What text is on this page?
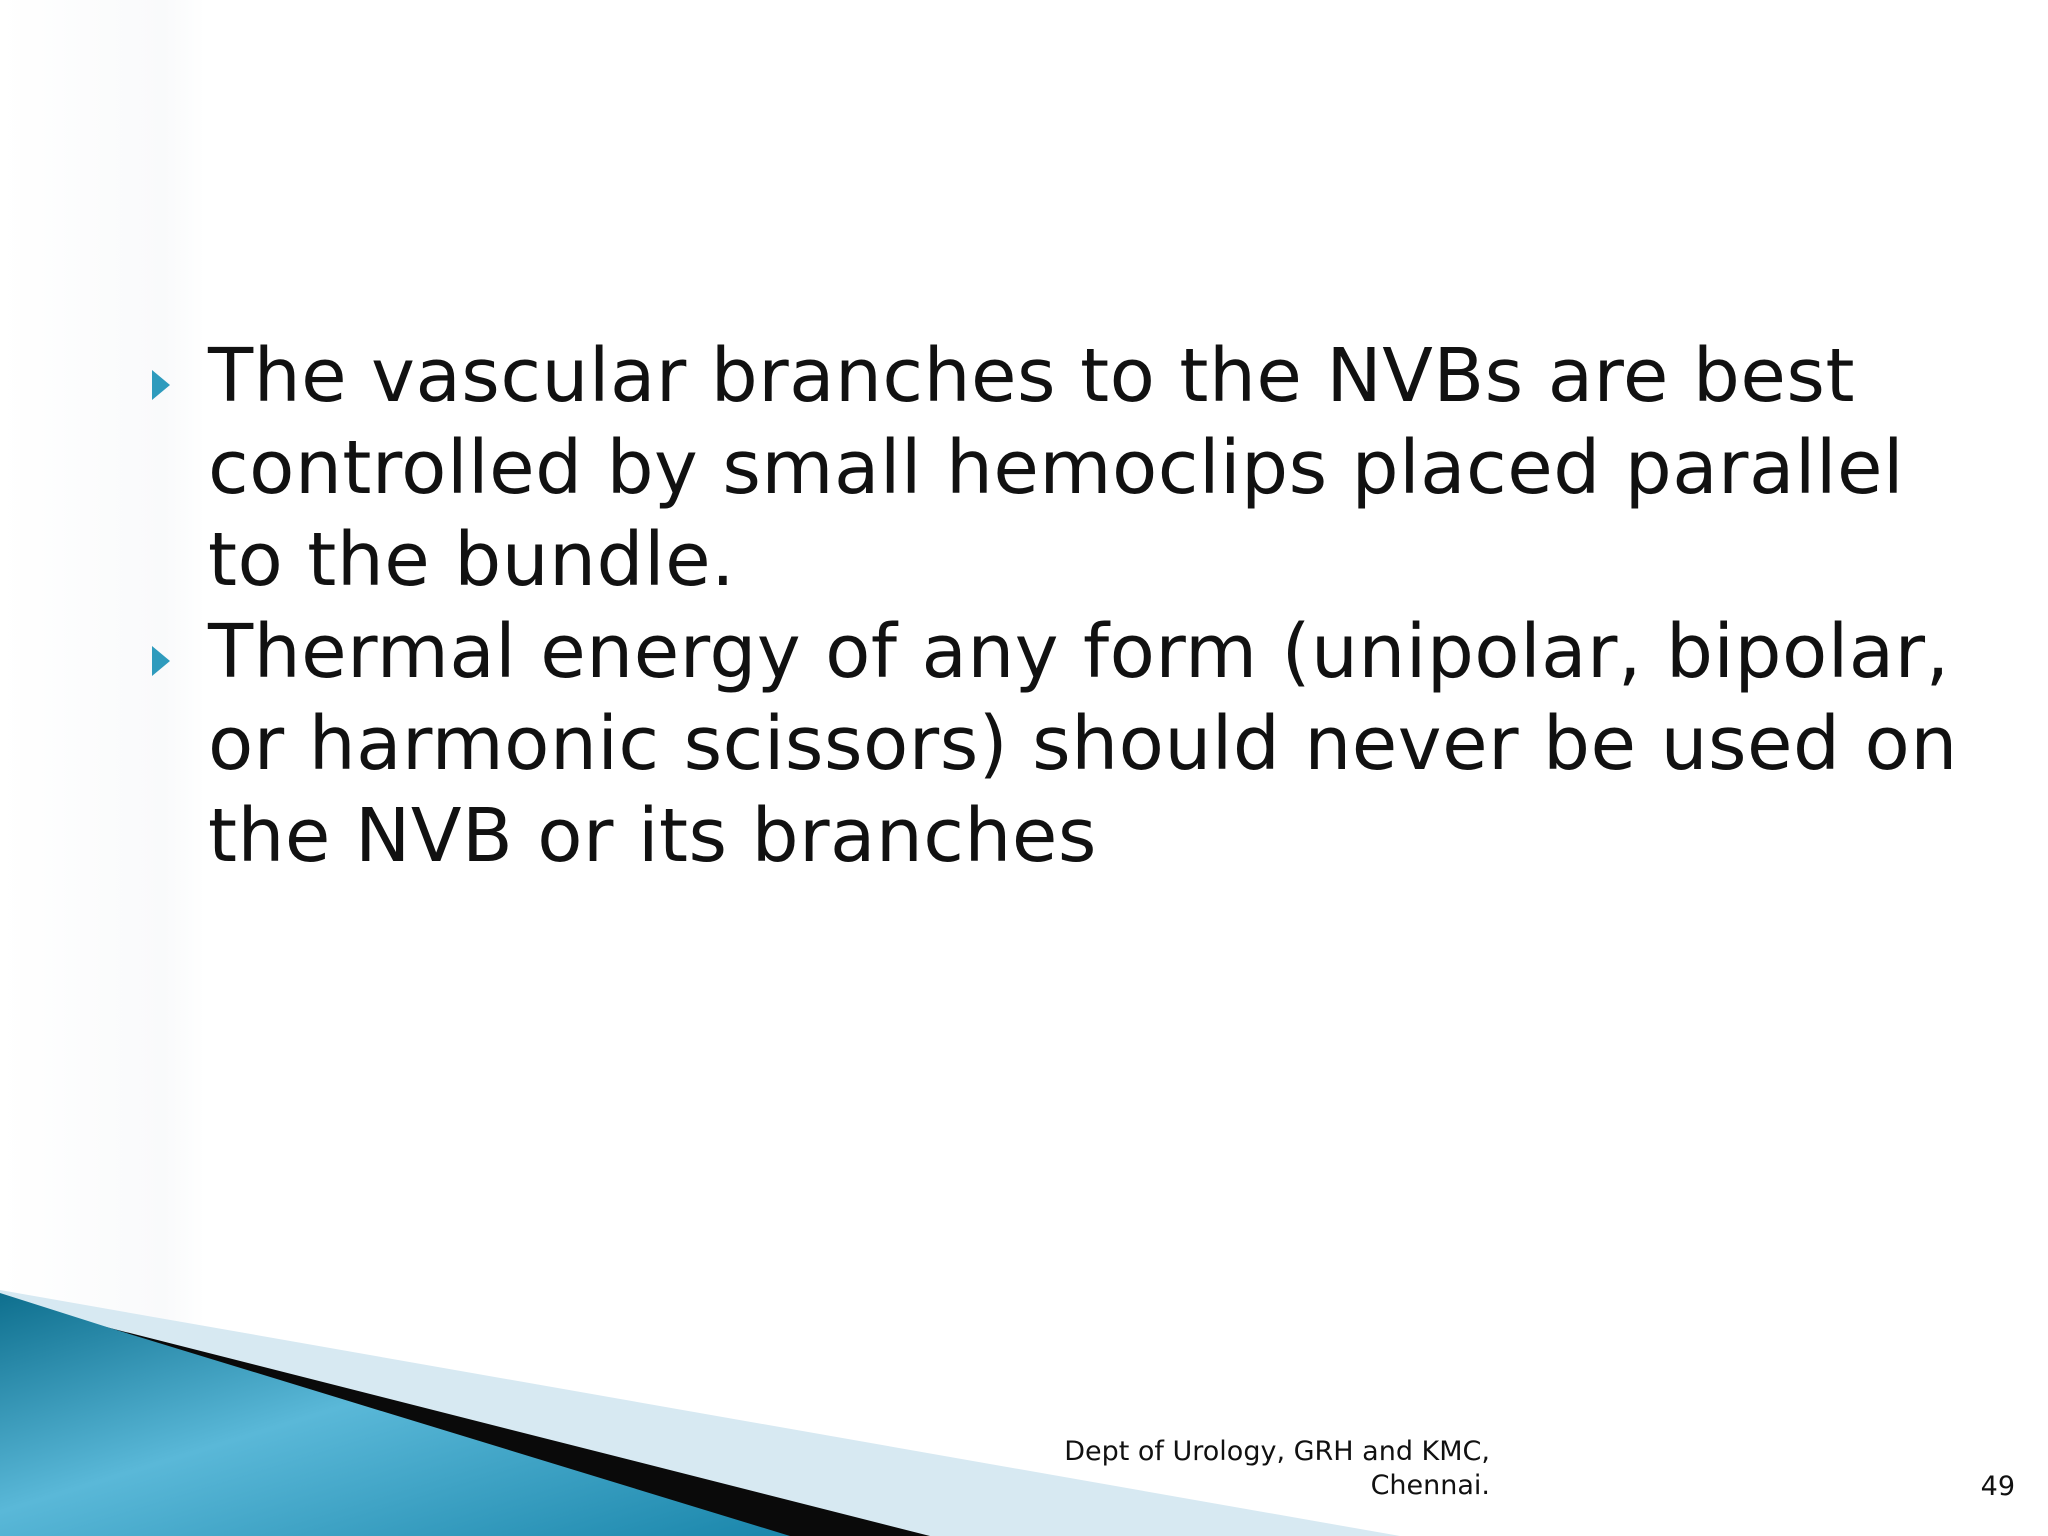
The vascular branches to the NVBs are best controlled by small hemoclips placed parallel to the bundle.
Thermal energy of any form (unipolar, bipolar, or harmonic scissors) should never be used on the NVB or its branches
Dept of Urology, GRH and KMC,
Chennai.	49
